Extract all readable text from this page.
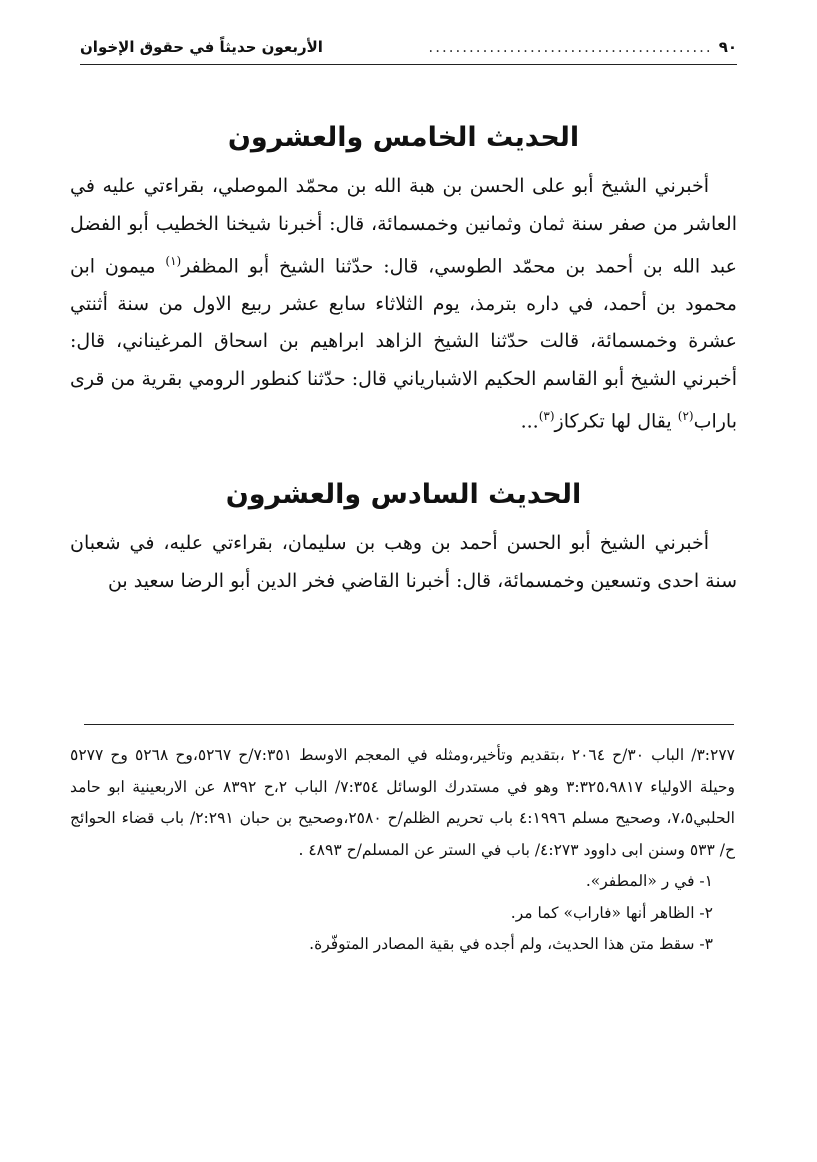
٩٠
..........................................
الأربعون حديثاً في حقوق الإخوان
الحديث الخامس والعشرون

أخبرني الشيخ أبو على الحسن بن هبة الله بن محمّد الموصلي، بقراءتي عليه في العاشر من صفر سنة ثمان وثمانين وخمسمائة، قال: أخبرنا شيخنا الخطيب أبو الفضل عبد الله بن أحمد بن محمّد الطوسي، قال: حدّثنا الشيخ أبو المظفر$^{(١)}$ ميمون ابن محمود بن أحمد، في داره بترمذ، يوم الثلاثاء سابع عشر ربيع الاول من سنة أثنتي عشرة وخمسمائة، قالت حدّثنا الشيخ الزاهد ابراهيم بن اسحاق المرغيناني، قال: أخبرني الشيخ أبو القاسم الحكيم الاشبارياني قال: حدّثنا كنطور الرومي بقرية من قرى باراب$^{(٢)}$ يقال لها تكركاز$^{(٣)}$...

الحديث السادس والعشرون

أخبرني الشيخ أبو الحسن أحمد بن وهب بن سليمان، بقراءتي عليه، في شعبان سنة احدى وتسعين وخمسمائة، قال: أخبرنا القاضي فخر الدين أبو الرضا سعيد بن

٣:٢٧٧/ الباب ٣٠/ح ٢٠٦٤ ،بتقديم وتأخير،ومثله في المعجم الاوسط ٧:٣٥١/ح ٥٢٦٧،وح ٥٢٦٨ وح ٥٢٧٧ وحيلة الاولياء ٣:٣٢٥،٩٨١٧ وهو في مستدرك الوسائل ٧:٣٥٤/ الباب ٢،ح ٨٣٩٢ عن الاربعينية ابو حامد الحلبي٧،٥، وصحيح مسلم ٤:١٩٩٦ باب تحريم الظلم/ح ٢٥٨٠،وصحيح بن حبان ٢:٢٩١/ باب قضاء الحوائج ح/ ٥٣٣ وسنن ابى داوود ٤:٢٧٣/ باب في الستر عن المسلم/ح ٤٨٩٣ .

١- في ر «المطفر».

٢- الظاهر أنها «فاراب» كما مر.

٣- سقط متن هذا الحديث، ولم أجده في بقية المصادر المتوفّرة.
